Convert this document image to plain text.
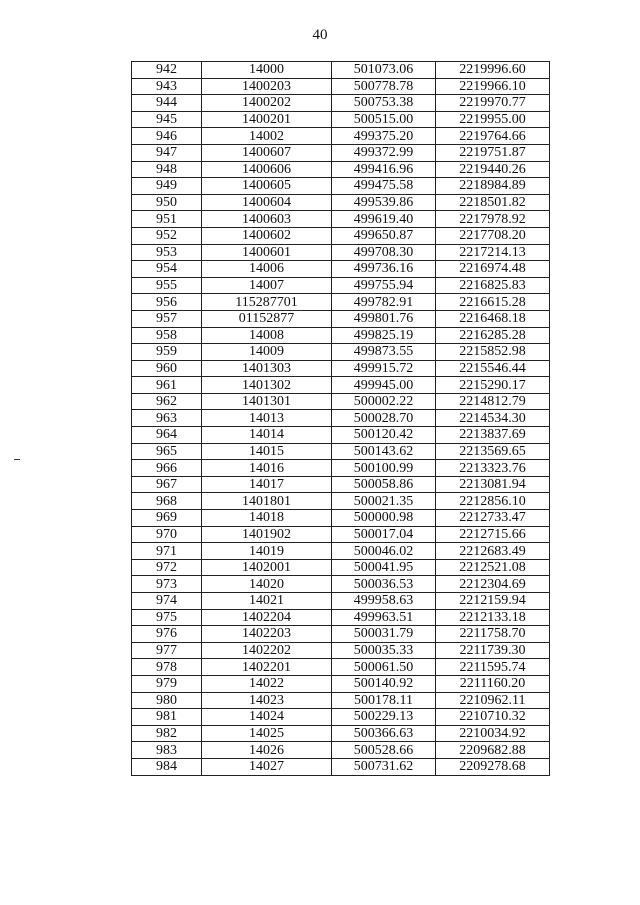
40
942	14000	501073.06	2219996.60
943	1400203	500778.78	2219966.10
944	1400202	500753.38	2219970.77
945	1400201	500515.00	2219955.00
946	14002	499375.20	2219764.66
947	1400607	499372.99	2219751.87
948	1400606	499416.96	2219440.26
949	1400605	499475.58	2218984.89
950	1400604	499539.86	2218501.82
951	1400603	499619.40	2217978.92
952	1400602	499650.87	2217708.20
953	1400601	499708.30	2217214.13
954	14006	499736.16	2216974.48
955	14007	499755.94	2216825.83
956	115287701	499782.91	2216615.28
957	01152877	499801.76	2216468.18
958	14008	499825.19	2216285.28
959	14009	499873.55	2215852.98
960	1401303	499915.72	2215546.44
961	1401302	499945.00	2215290.17
962	1401301	500002.22	2214812.79
963	14013	500028.70	2214534.30
964	14014	500120.42	2213837.69
965	14015	500143.62	2213569.65
966	14016	500100.99	2213323.76
967	14017	500058.86	2213081.94
968	1401801	500021.35	2212856.10
969	14018	500000.98	2212733.47
970	1401902	500017.04	2212715.66
971	14019	500046.02	2212683.49
972	1402001	500041.95	2212521.08
973	14020	500036.53	2212304.69
974	14021	499958.63	2212159.94
975	1402204	499963.51	2212133.18
976	1402203	500031.79	2211758.70
977	1402202	500035.33	2211739.30
978	1402201	500061.50	2211595.74
979	14022	500140.92	2211160.20
980	14023	500178.11	2210962.11
981	14024	500229.13	2210710.32
982	14025	500366.63	2210034.92
983	14026	500528.66	2209682.88
984	14027	500731.62	2209278.68
